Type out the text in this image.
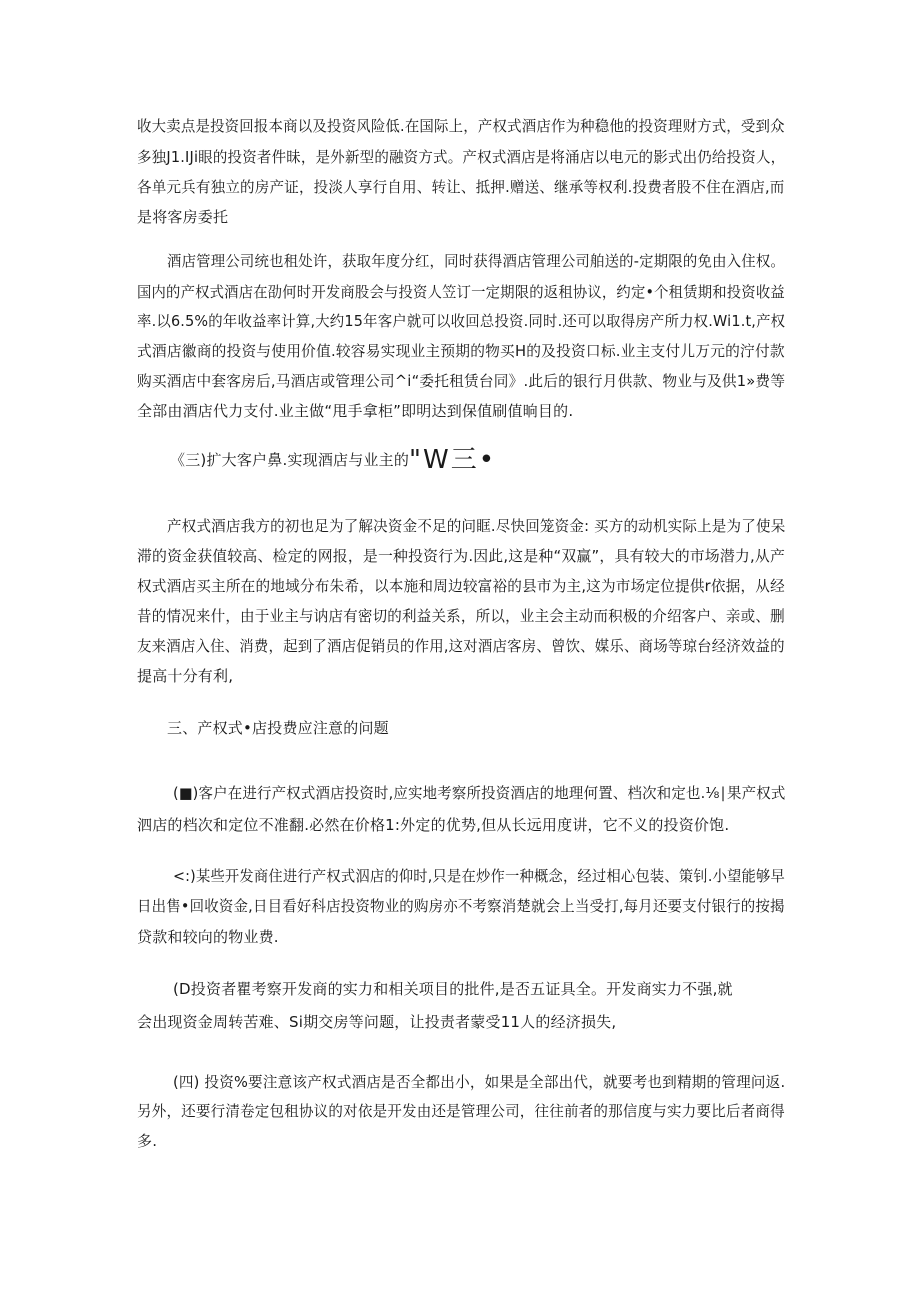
收大卖点是投资回报本商以及投资风险低.在国际上，产权式酒店作为种稳他的投资理财方式，受到众
多独J1.IJi眼的投资者件昧，是外新型的融资方式。产权式酒店是将涌店以电元的影式出仍给投资人，
各单元兵有独立的房产证，投淡人享行自用、转让、抵押.赠送、继承等权利.投费者股不住在酒店,而
是将客房委托
酒店管理公司统也租处许，获取年度分红，同时获得酒店管理公司舶送的-定期限的免由入住权。
国内的产权式酒店在劭何时开发商股会与投资人笠订一定期限的返租协议，约定•个租赁期和投资收益
率.以6.5%的年收益率计算,大约15年客户就可以收回总投资.同时.还可以取得房产所力权.Wi1.t,产权
式酒店徽商的投资与使用价值.较容易实现业主预期的物买H的及投资口标.业主支付儿万元的泞付款
购买酒店中套客房后,马酒店或管理公司^i“委托租赁台同》.此后的银行月供款、物业与及供1»费等
全部由酒店代力支付.业主做“甩手拿柜”即明达到保值刷值晌目的.
《三)扩大客户鼻.实现酒店与业主的"W三•
产权式酒店我方的初也足为了解决资金不足的问眶.尽快回笼资金: 买方的动机实际上是为了使呆
滞的资金获值较高、检定的网报，是一种投资行为.因此,这是种“双赢”，具有较大的市场潜力,从产
权式酒店买主所在的地域分布朱希，以本施和周边较富裕的县市为主,这为市场定位提供r依据，从经
昔的情况来什，由于业主与讷店有密切的利益关系，所以，业主会主动而积极的介绍客户、亲或、删
友来酒店入住、消费，起到了酒店促销员的作用,这对酒店客房、曾饮、媒乐、商场等琼台经济效益的
提高十分有利,
三、产权式•店投费应注意的问题
(■)客户在进行产权式酒店投资时,应实地考察所投资酒店的地理何置、档次和定也.⅛∣果产权式
泗店的档次和定位不准翻.必然在价格1:外定的优势,但从长远用度讲，它不义的投资价饱.
<:)某些开发商住进行产权式泅店的仰时,只是在炒作一种概念，经过相心包装、策钊.小望能够早
日出售•回收资金,日目看好科店投资物业的购房亦不考察消楚就会上当受打,每月还要支付银行的按揭
贷款和较向的物业费.
(D投资者瞿考察开发商的实力和相关项目的批件,是否五证具全。开发商实力不强,就
会出现资金周转苦难、Si期交房等问题，让投责者蒙受11人的经济损失,
(四) 投资%要注意该产权式酒店是否全都出小，如果是全部出代，就要考也到精期的管理问返.
另外，还要行清卷定包租协议的对依是开发由还是管理公司，往往前者的那信度与实力要比后者商得
多.
